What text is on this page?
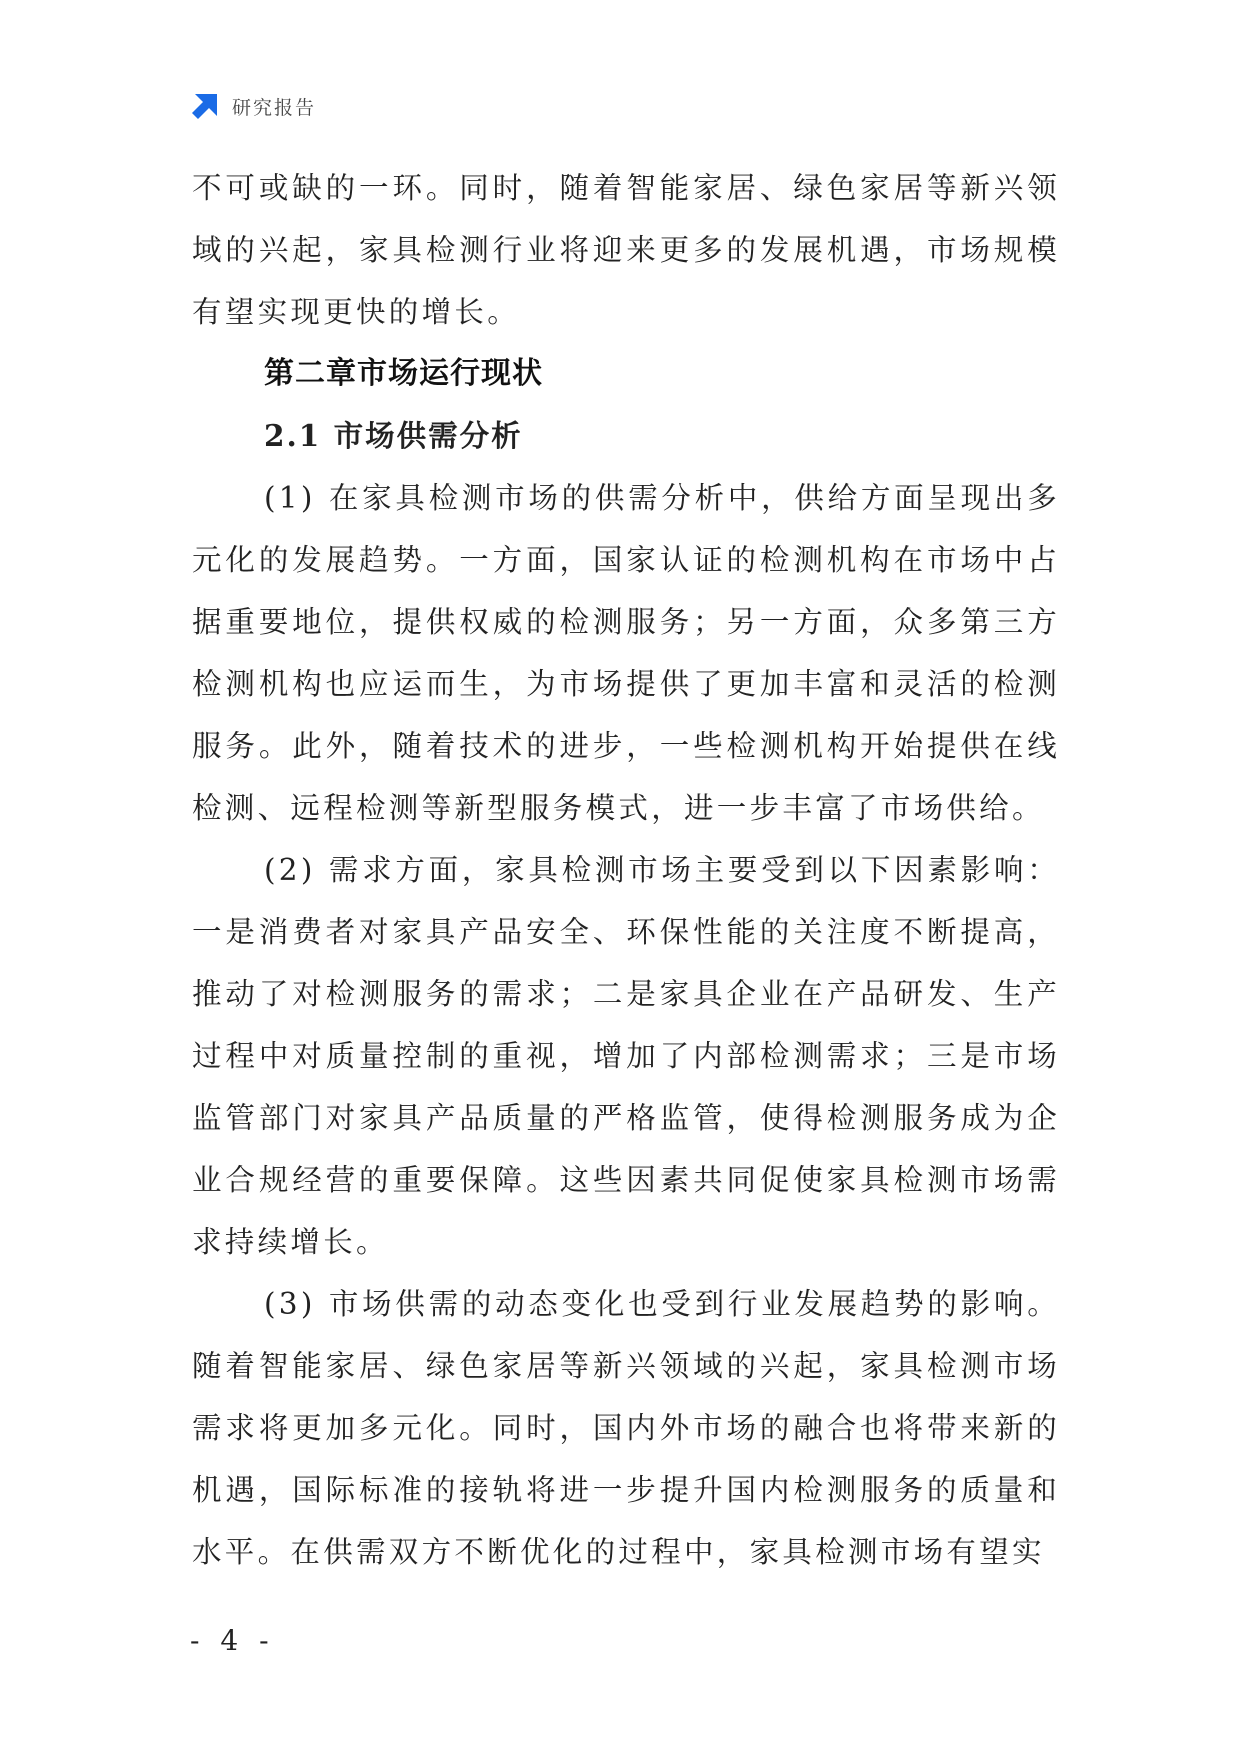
研究报告

不可或缺的一环。同时，随着智能家居、绿色家居等新兴领域的兴起，家具检测行业将迎来更多的发展机遇，市场规模有望实现更快的增长。

第二章市场运行现状
2.1 市场供需分析

(1) 在家具检测市场的供需分析中，供给方面呈现出多元化的发展趋势。一方面，国家认证的检测机构在市场中占据重要地位，提供权威的检测服务；另一方面，众多第三方检测机构也应运而生，为市场提供了更加丰富和灵活的检测服务。此外，随着技术的进步，一些检测机构开始提供在线检测、远程检测等新型服务模式，进一步丰富了市场供给。

(2) 需求方面，家具检测市场主要受到以下因素影响：一是消费者对家具产品安全、环保性能的关注度不断提高，推动了对检测服务的需求；二是家具企业在产品研发、生产过程中对质量控制的重视，增加了内部检测需求；三是市场监管部门对家具产品质量的严格监管，使得检测服务成为企业合规经营的重要保障。这些因素共同促使家具检测市场需求持续增长。

(3) 市场供需的动态变化也受到行业发展趋势的影响。随着智能家居、绿色家居等新兴领域的兴起，家具检测市场需求将更加多元化。同时，国内外市场的融合也将带来新的机遇，国际标准的接轨将进一步提升国内检测服务的质量和水平。在供需双方不断优化的过程中，家具检测市场有望实

- 4 -
